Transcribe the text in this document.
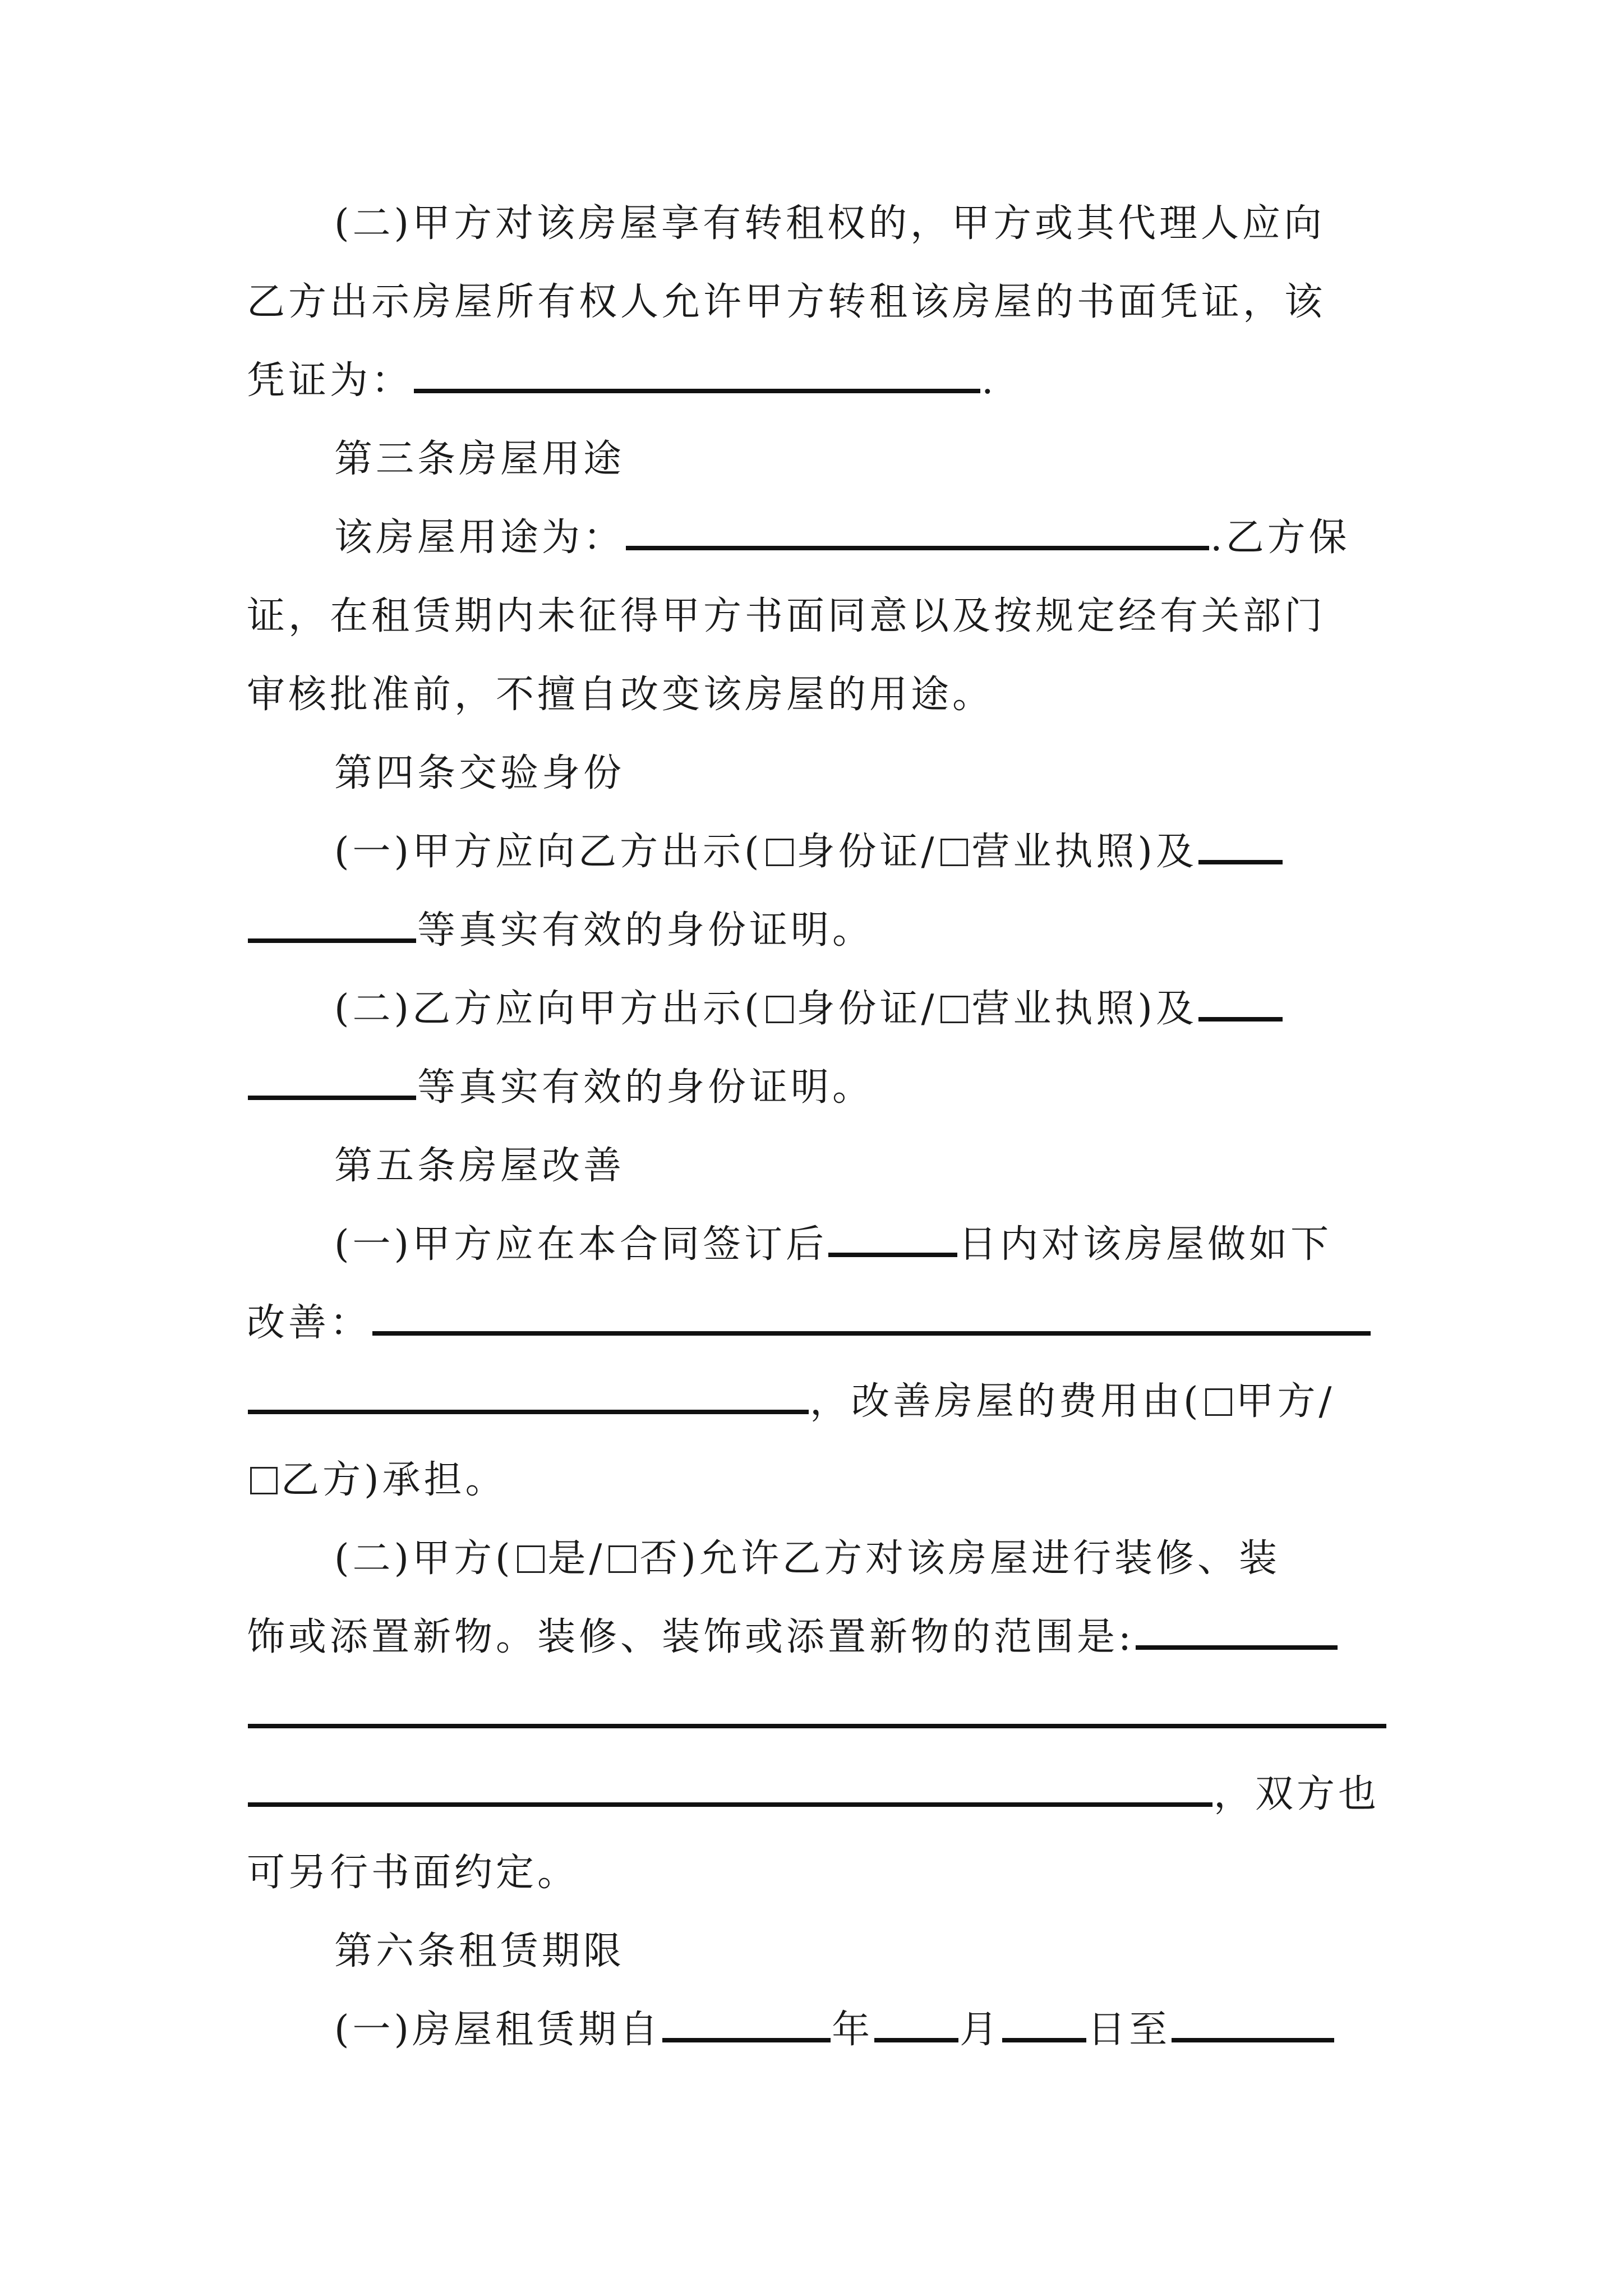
(二)甲方对该房屋享有转租权的，甲方或其代理人应向
乙方出示房屋所有权人允许甲方转租该房屋的书面凭证，该
凭证为：	.
第三条房屋用途
该房屋用途为：	.乙方保
证，在租赁期内未征得甲方书面同意以及按规定经有关部门
审核批准前，不擅自改变该房屋的用途。
第四条交验身份
(一)甲方应向乙方出示( 身份证/ 营业执照)及
等真实有效的身份证明。
(二)乙方应向甲方出示( 身份证/ 营业执照)及
等真实有效的身份证明。
第五条房屋改善
(一)甲方应在本合同签订后	日内对该房屋做如下
改善：
，改善房屋的费用由( 甲方/
乙方)承担。
(二)甲方( 是/ 否)允许乙方对该房屋进行装修、装
饰或添置新物。装修、装饰或添置新物的范围是:
，双方也
可另行书面约定。
第六条租赁期限
(一)房屋租赁期自	年 月 日至
